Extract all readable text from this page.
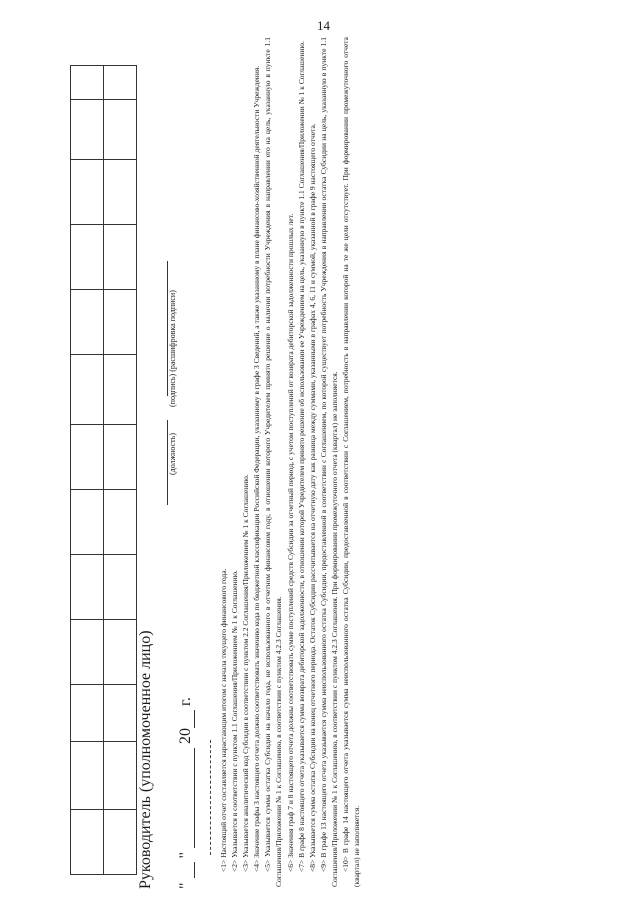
14
Руководитель (уполномоченное лицо)

(должность)             (подпись) (расшифровка подписи)
"  "  20 г.	<1> Настоящий отчет составляется нарастающим итогом с начала текущего финансового года. <2> Указывается в соответствии с пунктом 1.1 Соглашения/Приложением № 1 к Соглашению. <3> Указывается аналитический код Субсидии в соответствии с пунктом 2.2 Соглашения/Приложением № 1 к Соглашению. <4> Значение графы 3 настоящего отчета должно соответствовать значению кода по бюджетной классификации Российской Федерации, указанному в графе 3 Сведений, а также указанному в плане финансово-хозяйственной деятельности Учреждения. <5> Указывается сумма остатка Субсидии на начало года, не использованного в отчетном финансовом году, в отношении которого Учредителем принято решение о наличии потребности Учреждения в направлении его на цель, указанную в пункте 1.1 Соглашения/Приложении № 1 к Соглашению, в соответствии с пунктом 4.2.3 Соглашения. <6> Значения граф 7 и 8 настоящего отчета должны соответствовать сумме поступлений средств Субсидии за отчетный период, с учетом поступлений от возврата дебиторской задолженности прошлых лет. <7> В графе 8 настоящего отчета указывается сумма возврата дебиторской задолженности, в отношении которой Учредителем принято решение об использовании ее Учреждением на цель, указанную в пункте 1.1 Соглашения/Приложении № 1 к Соглашению. <8> Указывается сумма остатка Субсидии на конец отчетного периода. Остаток Субсидии рассчитывается на отчетную дату как разница между суммами, указанными в графах 4, 6, 11 и суммой, указанной в графе 9 настоящего отчета. <9> В графе 13 настоящего отчета указывается сумма неиспользованного остатка Субсидии, предоставленной в соответствии с Соглашением, по которой существует потребность Учреждения в направлении остатка Субсидии на цель, указанную в пункте 1.1 Соглашения/Приложении № 1 к Соглашению, в соответствии с пунктом 4.2.3 Соглашения. При формировании промежуточного отчета (квартал) не заполняется. <10> В графе 14 настоящего отчета указывается сумма неиспользованного остатка Субсидии, предоставленной в соответствии с Соглашением, потребность в направлении которой на те же цели отсутствует. При формировании промежуточного отчета (квартал) не заполняется.
